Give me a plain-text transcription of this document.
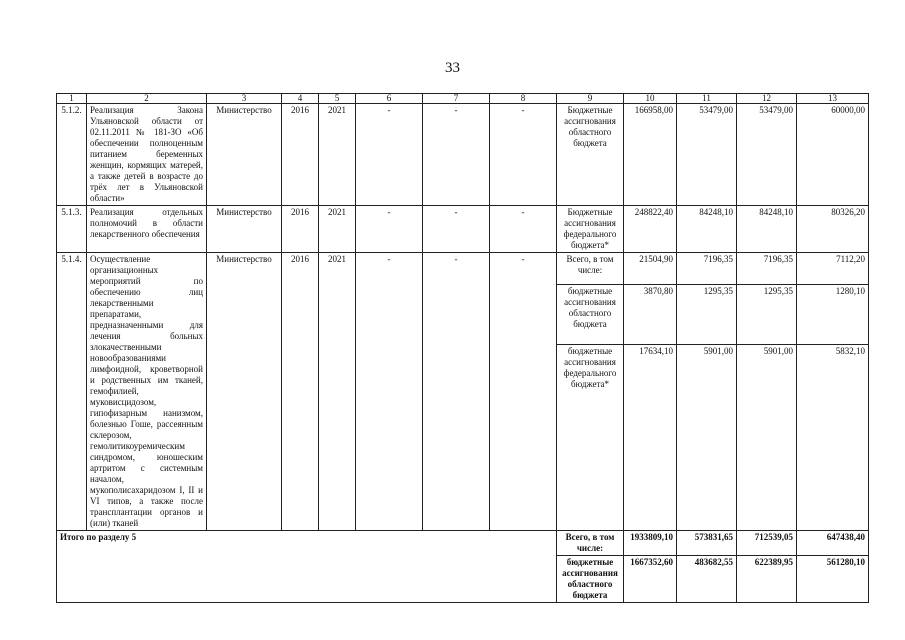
33
1	2	3	4	5	6	7	8	9	10	11	12	13
5.1.2.	Реализация Закона Ульяновской области от 02.11.2011 № 181-ЗО «Об обеспечении полноценным питанием беременных женщин, кормящих матерей, а также детей в возрасте до трёх лет в Ульяновской области»	Министерство	2016	2021	-	-	-	Бюджетные ассигнования областного бюджета	166958,00	53479,00	53479,00	60000,00
5.1.3.	Реализация отдельных полномочий в области лекарственного обеспечения	Министерство	2016	2021	-	-	-	Бюджетные ассигнования федерального бюджета*	248822,40	84248,10	84248,10	80326,20
5.1.4.	Осуществление организационных мероприятий по обеспечению лиц лекарственными препаратами, предназначенными для лечения больных злокачественными новообразованиями лимфоидной, кроветворной и родственных им тканей, гемофилией, муковисцидозом, гипофизарным нанизмом, болезнью Гоше, рассеянным склерозом, гемолитикоуремическим синдромом, юношеским артритом с системным началом, мукополисахаридозом I, II и VI типов, а также после трансплантации органов и (или) тканей	Министерство	2016	2021	-	-	-	Всего, в том числе:	21504,90	7196,35	7196,35	7112,20
								бюджетные ассигнования областного бюджета	3870,80	1295,35	1295,35	1280,10
								бюджетные ассигнования федерального бюджета*	17634,10	5901,00	5901,00	5832,10
Итого по разделу 5								Всего, в том числе:	1933809,10	573831,65	712539,05	647438,40
								бюджетные ассигнования областного бюджета	1667352,60	483682,55	622389,95	561280,10
